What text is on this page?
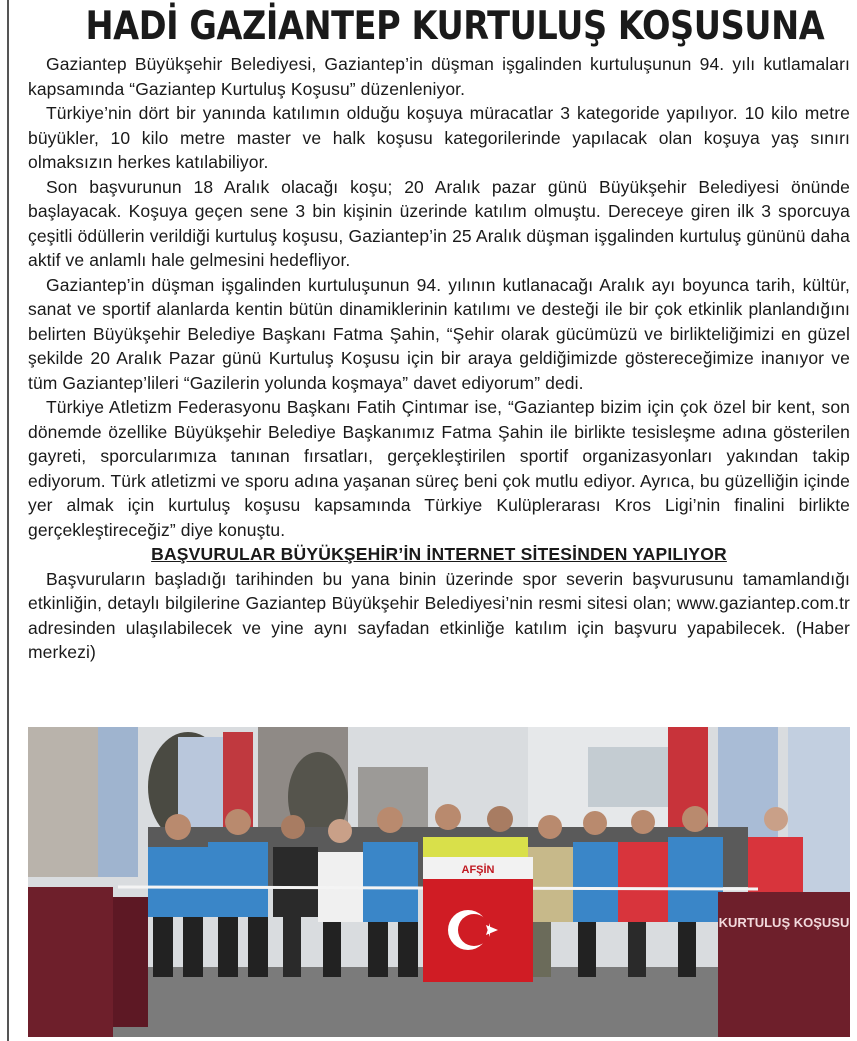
HADİ GAZİANTEP KURTULUŞ KOŞUSUNA

Gaziantep Büyükşehir Belediyesi, Gaziantep’in düşman işgalinden kurtuluşunun 94. yılı kutlamaları kapsamında “Gaziantep Kurtuluş Koşusu” düzenleniyor.

Türkiye’nin dört bir yanında katılımın olduğu koşuya müracatlar 3 kategoride yapılıyor. 10 kilo metre büyükler, 10 kilo metre master ve halk koşusu kategorilerinde yapılacak olan koşuya yaş sınırı olmaksızın herkes katılabiliyor.

Son başvurunun 18 Aralık olacağı koşu; 20 Aralık pazar günü Büyükşehir Belediyesi önünde başlayacak. Koşuya geçen sene 3 bin kişinin üzerinde katılım olmuştu. Dereceye giren ilk 3 sporcuya çeşitli ödüllerin verildiği kurtuluş koşusu, Gaziantep’in 25 Aralık düşman işgalinden kurtuluş gününü daha aktif ve anlamlı hale gelmesini hedefliyor.

Gaziantep’in düşman işgalinden kurtuluşunun 94. yılının kutlanacağı Aralık ayı boyunca tarih, kültür, sanat ve sportif alanlarda kentin bütün dinamiklerinin katılımı ve desteği ile bir çok etkinlik planlandığını belirten Büyükşehir Belediye Başkanı Fatma Şahin, “Şehir olarak gücümüzü ve birlikteliğimizi en güzel şekilde 20 Aralık Pazar günü Kurtuluş Koşusu için bir araya geldiğimizde göstereceğimize inanıyor ve tüm Gaziantep’lileri “Gazilerin yolunda koşmaya” davet ediyorum” dedi.

Türkiye Atletizm Federasyonu Başkanı Fatih Çintımar ise, “Gaziantep bizim için çok özel bir kent, son dönemde özellike Büyükşehir Belediye Başkanımız Fatma Şahin ile birlikte tesisleşme adına gösterilen gayreti, sporcularımıza tanınan fırsatları, gerçekleştirilen sportif organizasyonları yakından takip ediyorum. Türk atletizmi ve sporu adına yaşanan süreç beni çok mutlu ediyor. Ayrıca, bu güzelliğin içinde yer almak için kurtuluş koşusu kapsamında Türkiye Kulüplerarası Kros Ligi’nin finalini birlikte gerçekleştireceğiz” diye konuştu.

BAŞVURULAR BÜYÜKŞEHİR’İN İNTERNET SİTESİNDEN YAPILIYOR

Başvuruların başladığı tarihinden bu yana binin üzerinde spor severin başvurusunu tamamlandığı etkinliğin, detaylı bilgilerine Gaziantep Büyükşehir Belediyesi’nin resmi sitesi olan; www.gaziantep.com.tr adresinden ulaşılabilecek ve yine aynı sayfadan etkinliğe katılım için başvuru yapabilecek. (Haber merkezi)

AFŞİN
KURTULUŞ KOŞUSU
